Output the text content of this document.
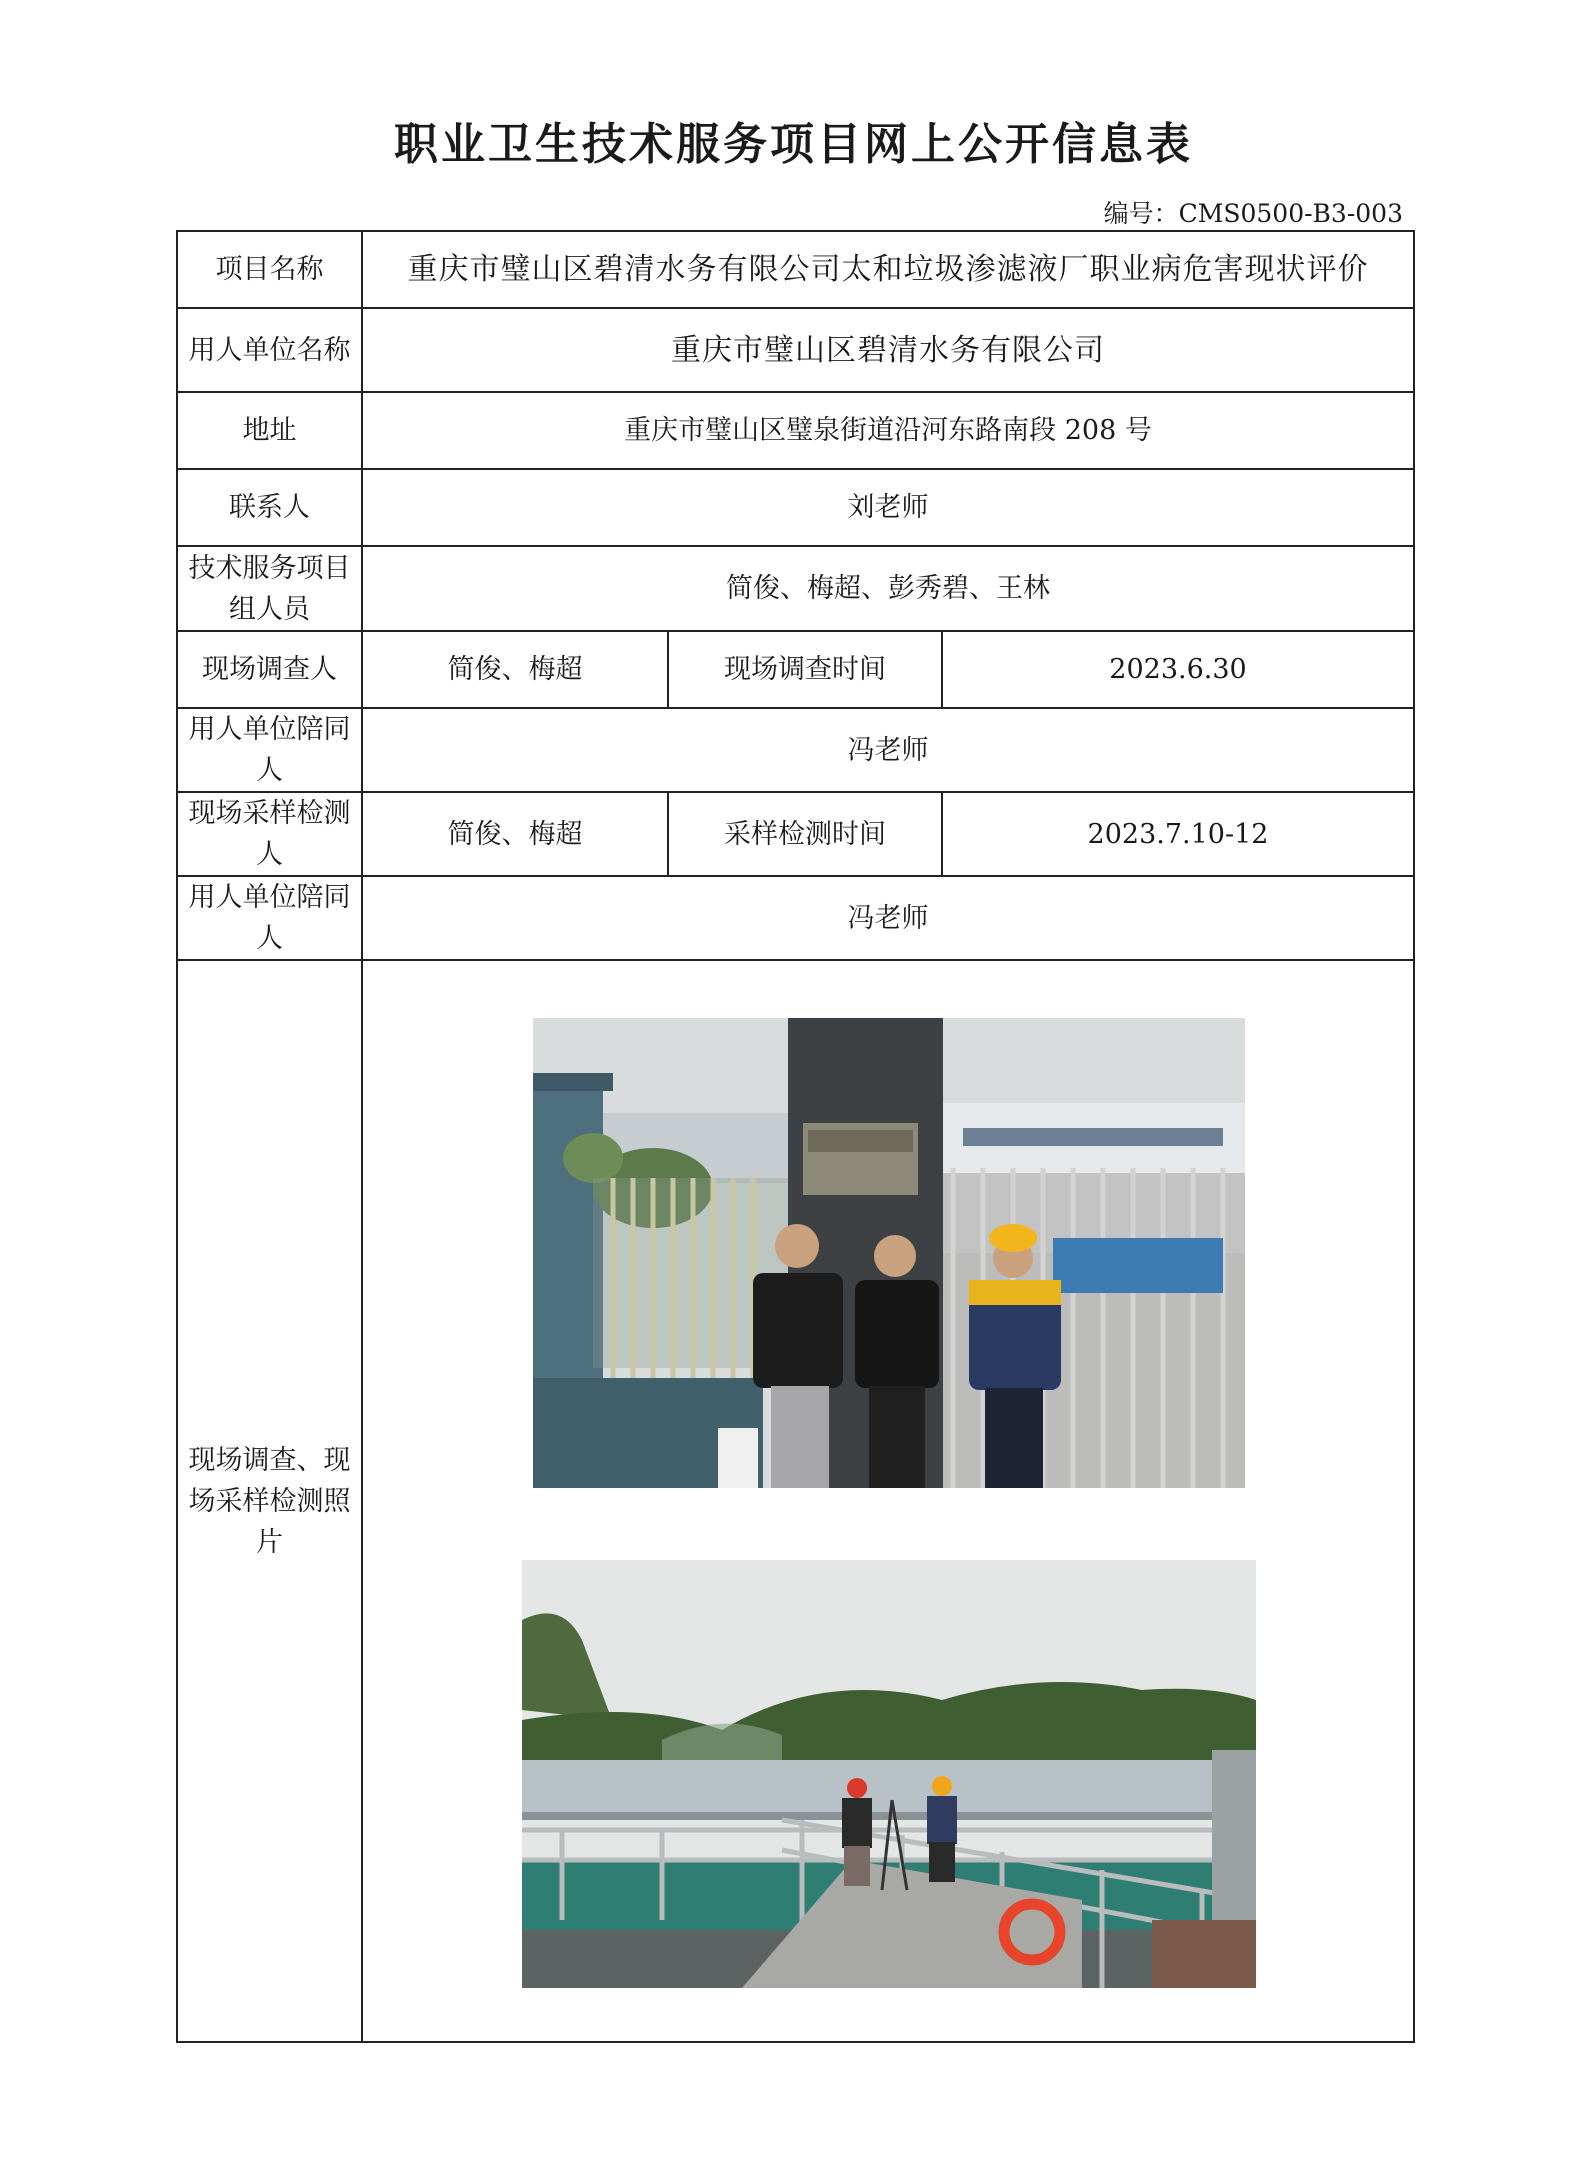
职业卫生技术服务项目网上公开信息表
编号：CMS0500-B3-003
项目名称	重庆市璧山区碧清水务有限公司太和垃圾渗滤液厂职业病危害现状评价		
用人单位名称	重庆市璧山区碧清水务有限公司		
地址	重庆市璧山区璧泉街道沿河东路南段 208 号		
联系人	刘老师		
技术服务项目组人员	简俊、梅超、彭秀碧、王林		
现场调查人	简俊、梅超	现场调查时间	2023.6.30
用人单位陪同人	冯老师		
现场采样检测人	简俊、梅超	采样检测时间	2023.7.10-12
用人单位陪同人	冯老师		
现场调查、现场采样检测照片	
